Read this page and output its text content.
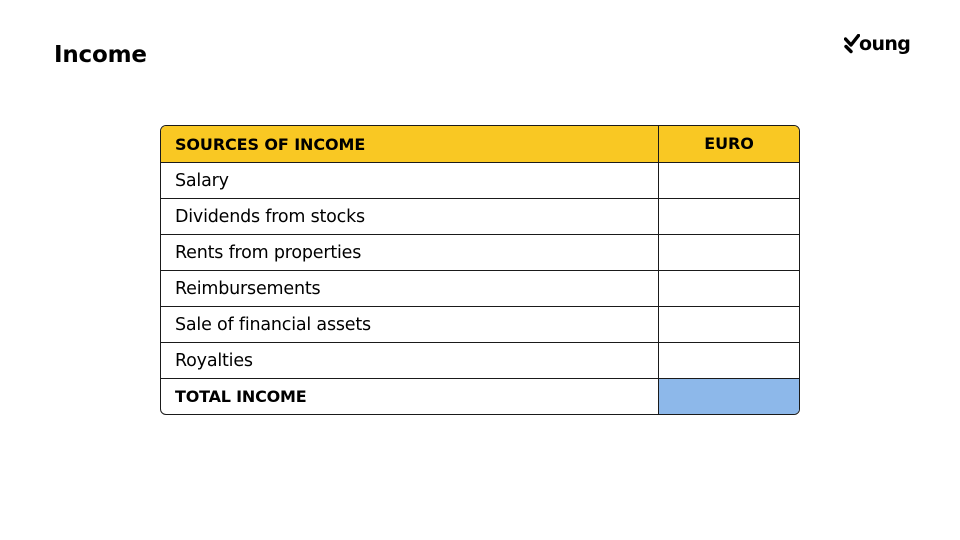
Income	oung
SOURCES OF INCOME	EURO
Salary
Dividends from stocks
Rents from properties
Reimbursements
Sale of financial assets
Royalties
TOTAL INCOME
